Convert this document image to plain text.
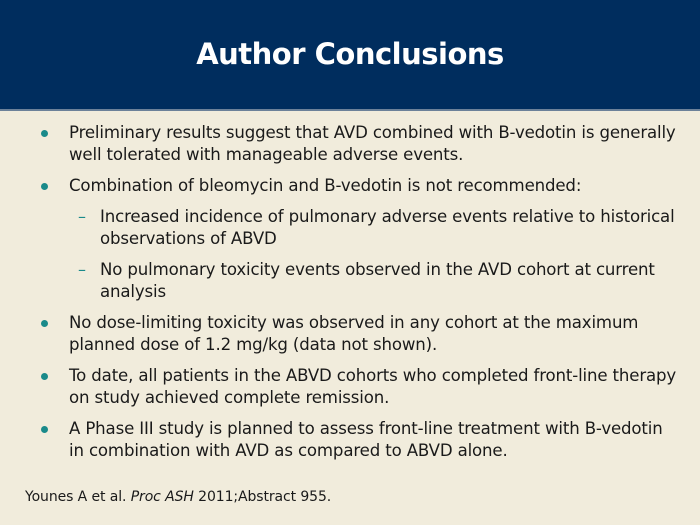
Author Conclusions
Preliminary results suggest that AVD combined with B-vedotin is generally well tolerated with manageable adverse events.
Combination of bleomycin and B-vedotin is not recommended:
– Increased incidence of pulmonary adverse events relative to historical observations of ABVD
– No pulmonary toxicity events observed in the AVD cohort at current analysis
No dose-limiting toxicity was observed in any cohort at the maximum planned dose of 1.2 mg/kg (data not shown).
To date, all patients in the ABVD cohorts who completed front-line therapy on study achieved complete remission.
A Phase III study is planned to assess front-line treatment with B-vedotin in combination with AVD as compared to ABVD alone.
Younes A et al. Proc ASH 2011;Abstract 955.
